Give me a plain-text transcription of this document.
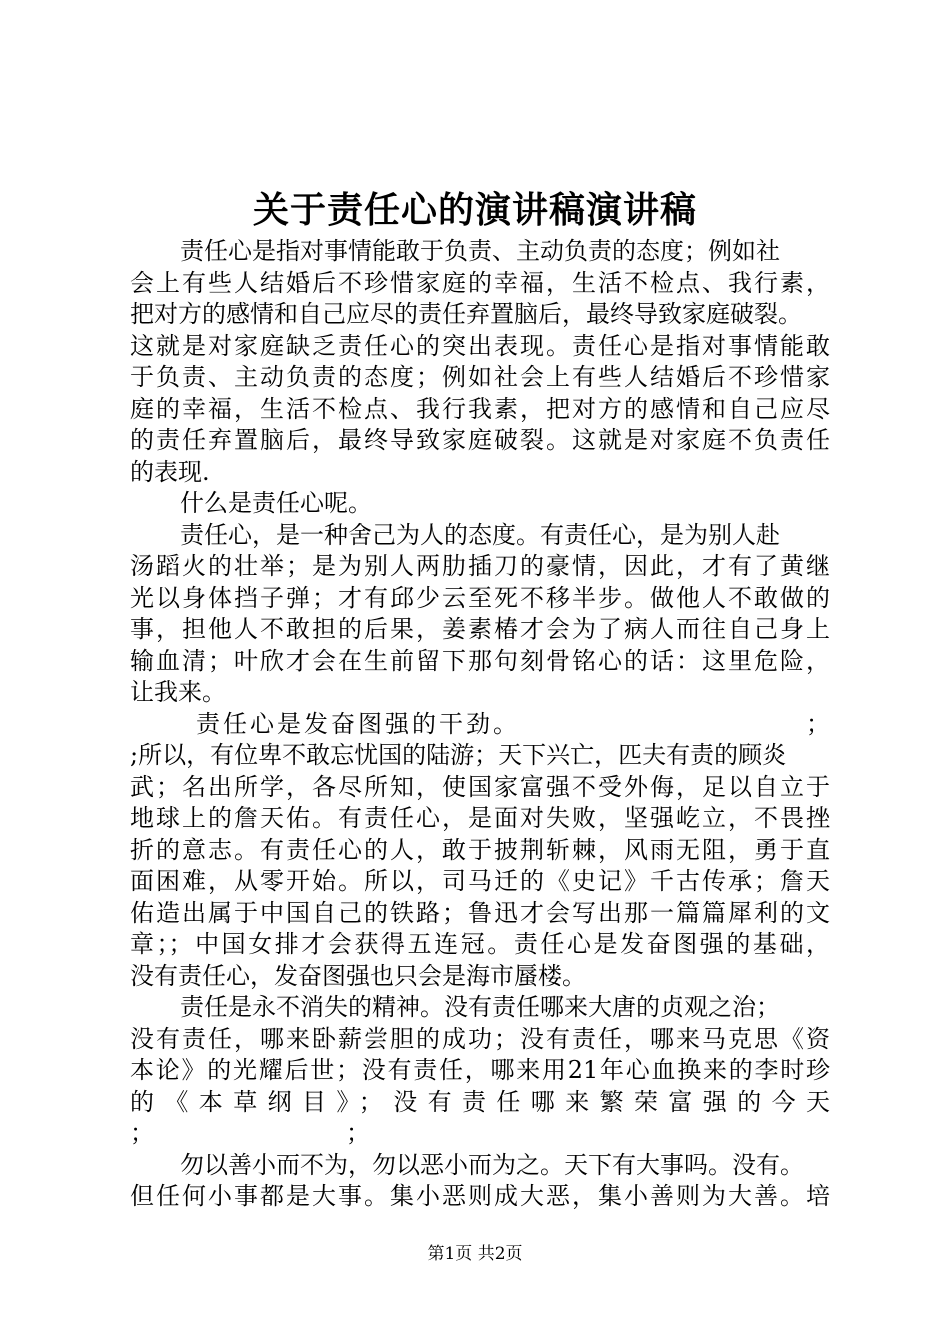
关于责任心的演讲稿演讲稿
责任心是指对事情能敢于负责、主动负责的态度；例如社
会上有些人结婚后不珍惜家庭的幸福，生活不检点、我行素，
把对方的感情和自己应尽的责任弃置脑后，最终导致家庭破裂。
这就是对家庭缺乏责任心的突出表现。责任心是指对事情能敢
于负责、主动负责的态度；例如社会上有些人结婚后不珍惜家
庭的幸福，生活不检点、我行我素，把对方的感情和自己应尽
的责任弃置脑后，最终导致家庭破裂。这就是对家庭不负责任
的表现.
什么是责任心呢。
责任心，是一种舍己为人的态度。有责任心，是为别人赴
汤蹈火的壮举；是为别人两肋插刀的豪情，因此，才有了黄继
光以身体挡子弹；才有邱少云至死不移半步。做他人不敢做的
事，担他人不敢担的后果，姜素椿才会为了病人而往自己身上
输血清；叶欣才会在生前留下那句刻骨铭心的话：这里危险，
让我来。
责任心是发奋图强的干劲。	；
;所以，有位卑不敢忘忧国的陆游；天下兴亡，匹夫有责的顾炎
武；名出所学，各尽所知，使国家富强不受外侮，足以自立于
地球上的詹天佑。有责任心，是面对失败，坚强屹立，不畏挫
折的意志。有责任心的人，敢于披荆斩棘，风雨无阻，勇于直
面困难，从零开始。所以，司马迁的《史记》千古传承；詹天
佑造出属于中国自己的铁路；鲁迅才会写出那一篇篇犀利的文
章；；中国女排才会获得五连冠。责任心是发奋图强的基础，
没有责任心，发奋图强也只会是海市蜃楼。
责任是永不消失的精神。没有责任哪来大唐的贞观之治；
没有责任，哪来卧薪尝胆的成功；没有责任，哪来马克思《资
本论》的光耀后世；没有责任，哪来用21年心血换来的李时珍
的《本草纲目》；没有责任哪来繁荣富强的今天
；	；
勿以善小而不为，勿以恶小而为之。天下有大事吗。没有。
但任何小事都是大事。集小恶则成大恶，集小善则为大善。培
第1页 共2页
